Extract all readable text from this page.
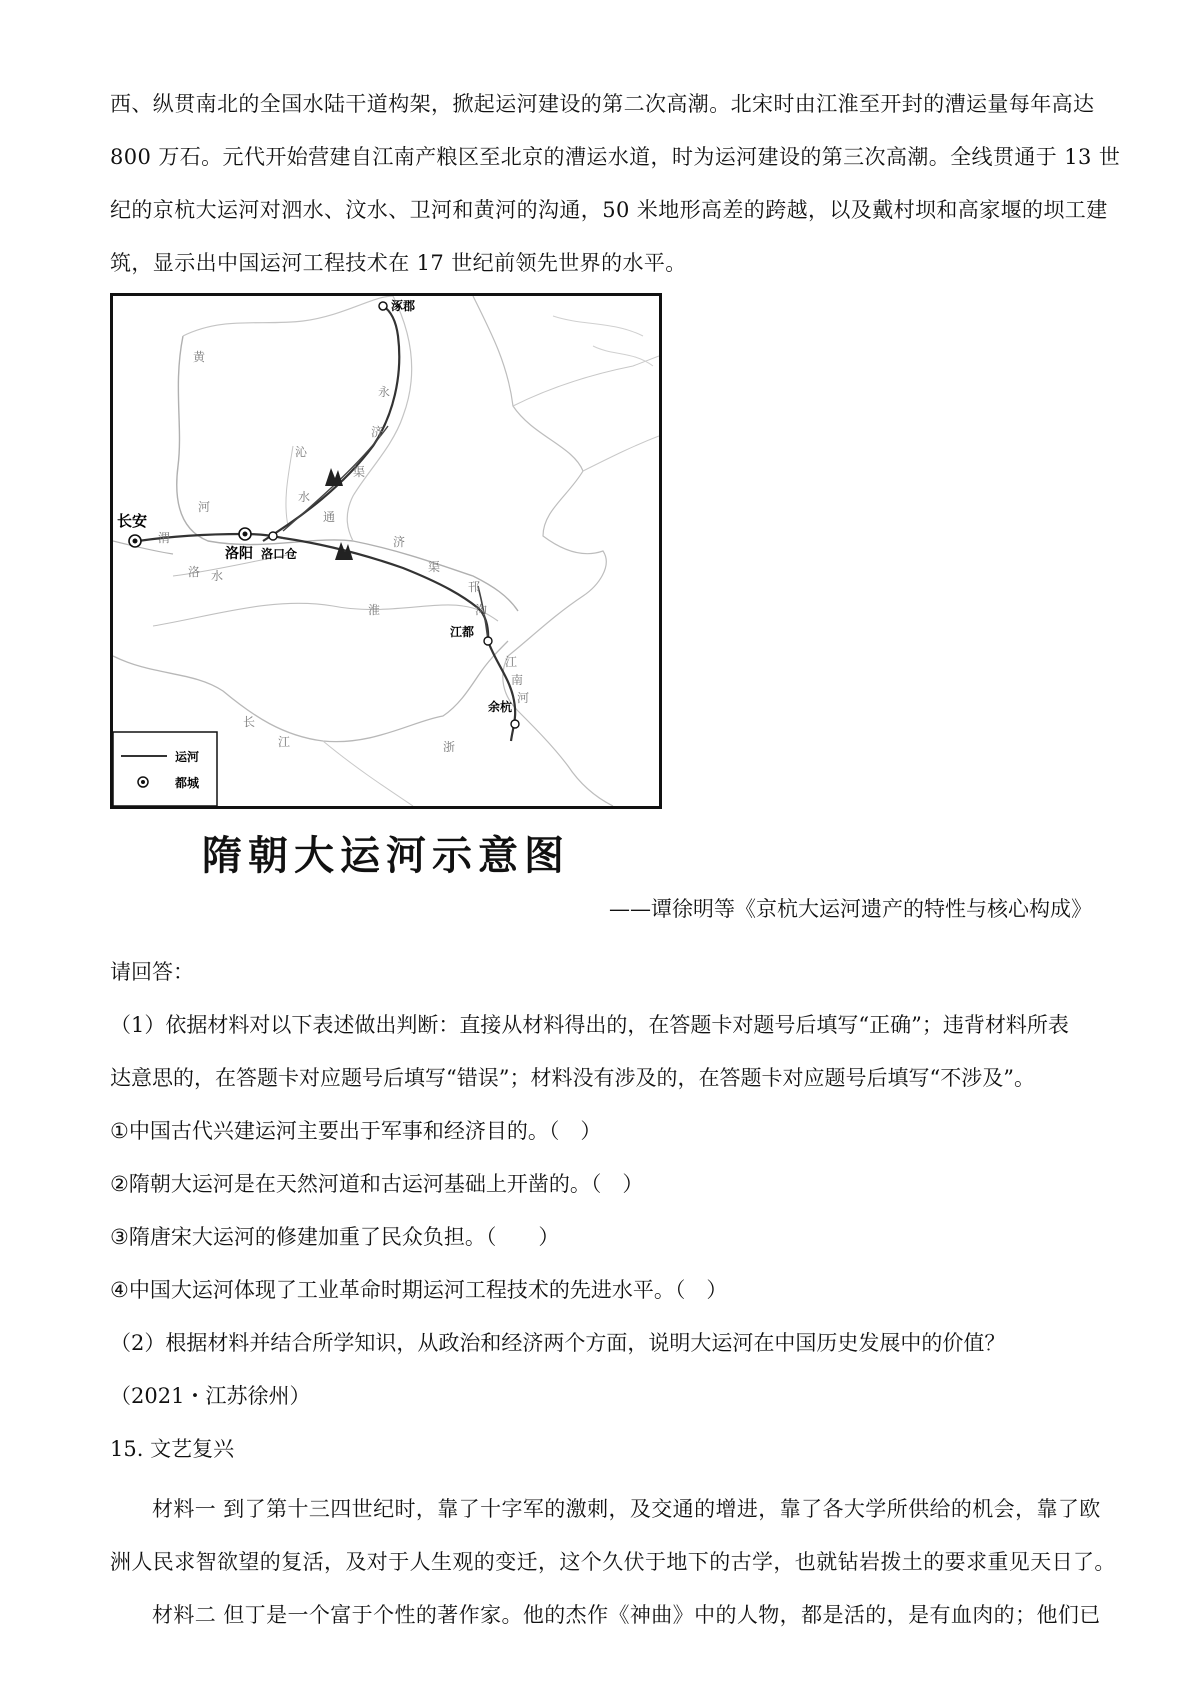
西、纵贯南北的全国水陆干道构架，掀起运河建设的第二次高潮。北宋时由江淮至开封的漕运量每年高达
800 万石。元代开始营建自江南产粮区至北京的漕运水道，时为运河建设的第三次高潮。全线贯通于 13 世
纪的京杭大运河对泗水、汶水、卫河和黄河的沟通，50 米地形高差的跨越，以及戴村坝和高家堰的坝工建
筑，显示出中国运河工程技术在 17 世纪前领先世界的水平。
涿郡
长安
洛阳 洛口仓
江都
余杭
黄
河
沁
水
永
济
渠
通
济
渠
渭
洛 水
淮
邗
沟
长
江
江
南
河
浙
运河
都城
隋朝大运河示意图
——谭徐明等《京杭大运河遗产的特性与核心构成》
请回答：
（1）依据材料对以下表述做出判断：直接从材料得出的，在答题卡对题号后填写“正确”；违背材料所表
达意思的，在答题卡对应题号后填写“错误”；材料没有涉及的，在答题卡对应题号后填写“不涉及”。
①中国古代兴建运河主要出于军事和经济目的。（　）
②隋朝大运河是在天然河道和古运河基础上开凿的。（　）
③隋唐宋大运河的修建加重了民众负担。（　　）
④中国大运河体现了工业革命时期运河工程技术的先进水平。（　）
（2）根据材料并结合所学知识，从政治和经济两个方面，说明大运河在中国历史发展中的价值？
（2021・江苏徐州）
15. 文艺复兴
材料一 到了第十三四世纪时，靠了十字军的激刺，及交通的增进，靠了各大学所供给的机会，靠了欧
洲人民求智欲望的复活，及对于人生观的变迁，这个久伏于地下的古学，也就钻岩拨土的要求重见天日了。
材料二 但丁是一个富于个性的著作家。他的杰作《神曲》中的人物，都是活的，是有血肉的；他们已
